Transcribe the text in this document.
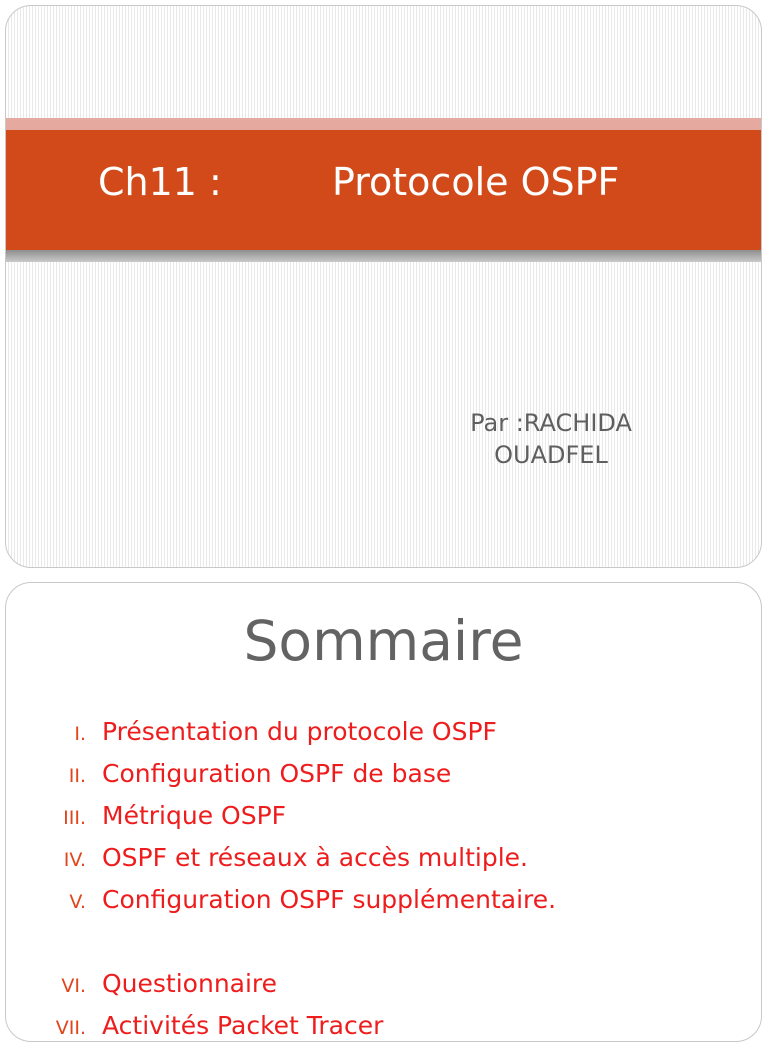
Ch11 :	Protocole OSPF
Par :RACHIDA
OUADFEL
Sommaire
I. Présentation du protocole OSPF
II. Configuration OSPF de base
III. Métrique OSPF
IV. OSPF et réseaux à accès multiple.
V. Configuration OSPF supplémentaire.
VI. Questionnaire
VII. Activités Packet Tracer
